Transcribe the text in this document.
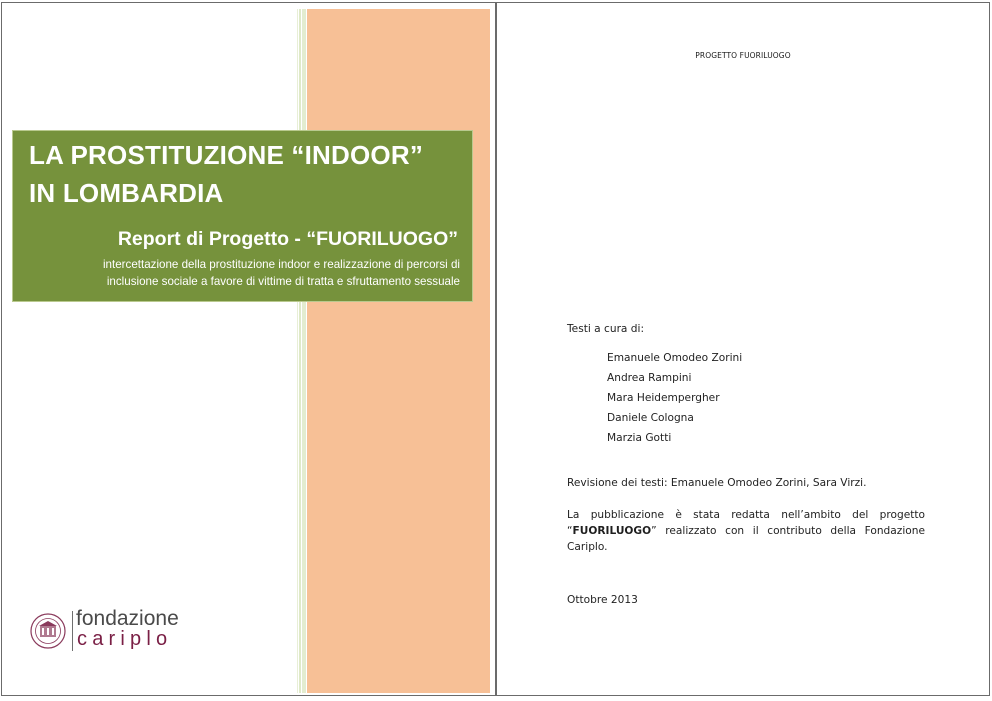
LA PROSTITUZIONE “INDOOR”
IN LOMBARDIA
Report di Progetto - “FUORILUOGO”
intercettazione della prostituzione indoor e realizzazione di percorsi di
inclusione sociale a favore di vittime di tratta e sfruttamento sessuale
fondazione
cariplo
PROGETTO FUORILUOGO
Testi a cura di:
Emanuele Omodeo Zorini
Andrea Rampini
Mara Heidempergher
Daniele Cologna
Marzia Gotti
Revisione dei testi: Emanuele Omodeo Zorini, Sara Virzi.
La pubblicazione è stata redatta nell’ambito del progetto “FUORILUOGO” realizzato con il contributo della Fondazione Cariplo.
Ottobre 2013
